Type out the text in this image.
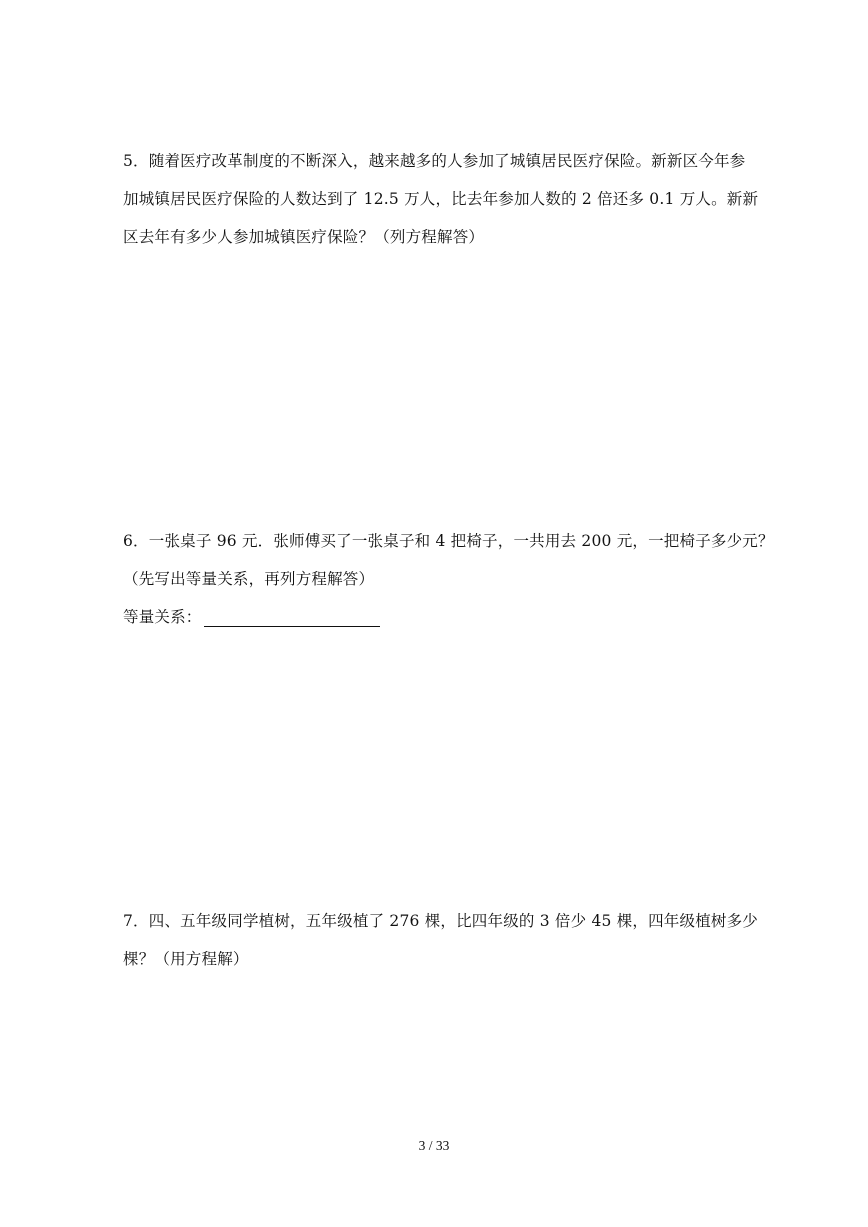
5．随着医疗改革制度的不断深入，越来越多的人参加了城镇居民医疗保险。新新区今年参
加城镇居民医疗保险的人数达到了 12.5 万人，比去年参加人数的 2 倍还多 0.1 万人。新新
区去年有多少人参加城镇医疗保险？（列方程解答）
6．一张桌子 96 元．张师傅买了一张桌子和 4 把椅子，一共用去 200 元，一把椅子多少元？
（先写出等量关系，再列方程解答）
等量关系：
7．四、五年级同学植树，五年级植了 276 棵，比四年级的 3 倍少 45 棵，四年级植树多少
棵？（用方程解）
3 / 33
